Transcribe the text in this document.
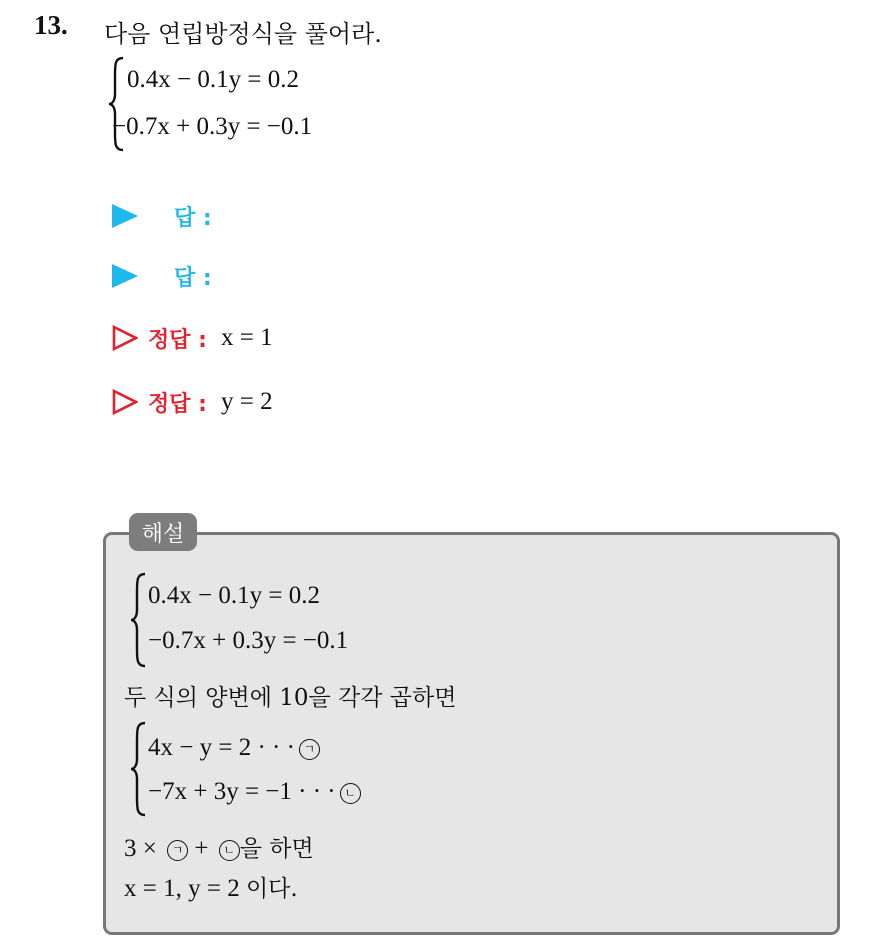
13. 다음 연립방정식을 풀어라.
0.4x − 0.1y = 0.2
−0.7x + 0.3y = −0.1
답 :
답 :
정답 : x = 1
정답 : y = 2
해설
0.4x − 0.1y = 0.2
−0.7x + 0.3y = −0.1
두 식의 양변에 10을 각각 곱하면
4x − y = 2 · · · ㄱ
−7x + 3y = −1 · · · ㄴ
3 × ㄱ + ㄴ 을 하면
x = 1, y = 2 이다.
